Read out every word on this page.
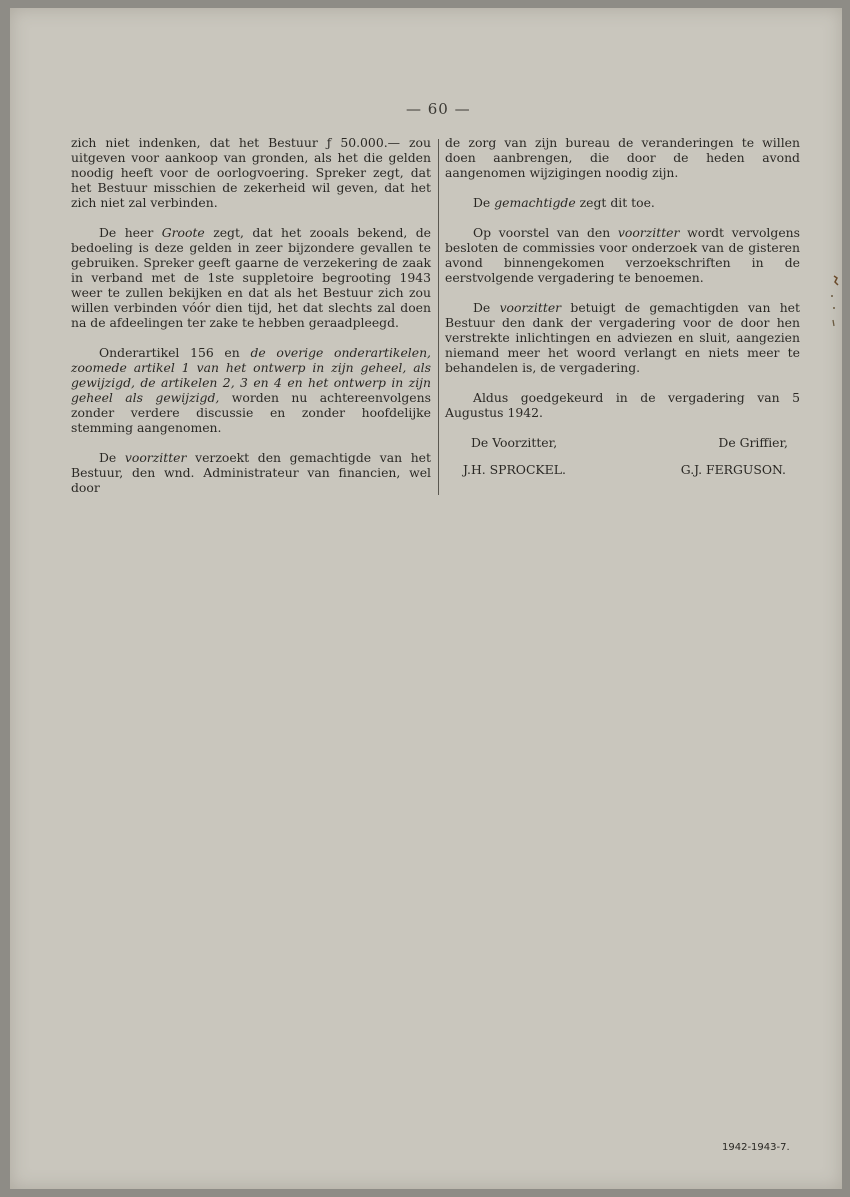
— 60 —

zich niet indenken, dat het Bestuur ƒ 50.000.— zou uitgeven voor aankoop van gronden, als het die gelden noodig heeft voor de oorlogvoering. Spreker zegt, dat het Bestuur misschien de zekerheid wil geven, dat het zich niet zal verbinden.

De heer Groote zegt, dat het zooals bekend, de bedoeling is deze gelden in zeer bijzondere gevallen te gebruiken. Spreker geeft gaarne de verzekering de zaak in verband met de 1ste suppletoire begrooting 1943 weer te zullen bekijken en dat als het Bestuur zich zou willen verbinden vóór dien tijd, het dat slechts zal doen na de afdeelingen ter zake te hebben geraadpleegd.

Onderartikel 156 en de overige onderartikelen, zoomede artikel 1 van het ontwerp in zijn geheel, als gewijzigd, de artikelen 2, 3 en 4 en het ontwerp in zijn geheel als gewijzigd, worden nu achtereenvolgens zonder verdere discussie en zonder hoofdelijke stemming aangenomen.

De voorzitter verzoekt den gemachtigde van het Bestuur, den wnd. Administrateur van financien, wel door

de zorg van zijn bureau de veranderingen te willen doen aanbrengen, die door de heden avond aangenomen wijzigingen noodig zijn.

De gemachtigde zegt dit toe.

Op voorstel van den voorzitter wordt vervolgens besloten de commissies voor onderzoek van de gisteren avond binnengekomen verzoekschriften in de eerstvolgende vergadering te benoemen.

De voorzitter betuigt de gemachtigden van het Bestuur den dank der vergadering voor de door hen verstrekte inlichtingen en adviezen en sluit, aangezien niemand meer het woord verlangt en niets meer te behandelen is, de vergadering.

Aldus goedgekeurd in de vergadering van 5 Augustus 1942.

De Voorzitter,	De Griffier,
J.H. SPROCKEL.	G.J. FERGUSON.
1942-1943-7.
